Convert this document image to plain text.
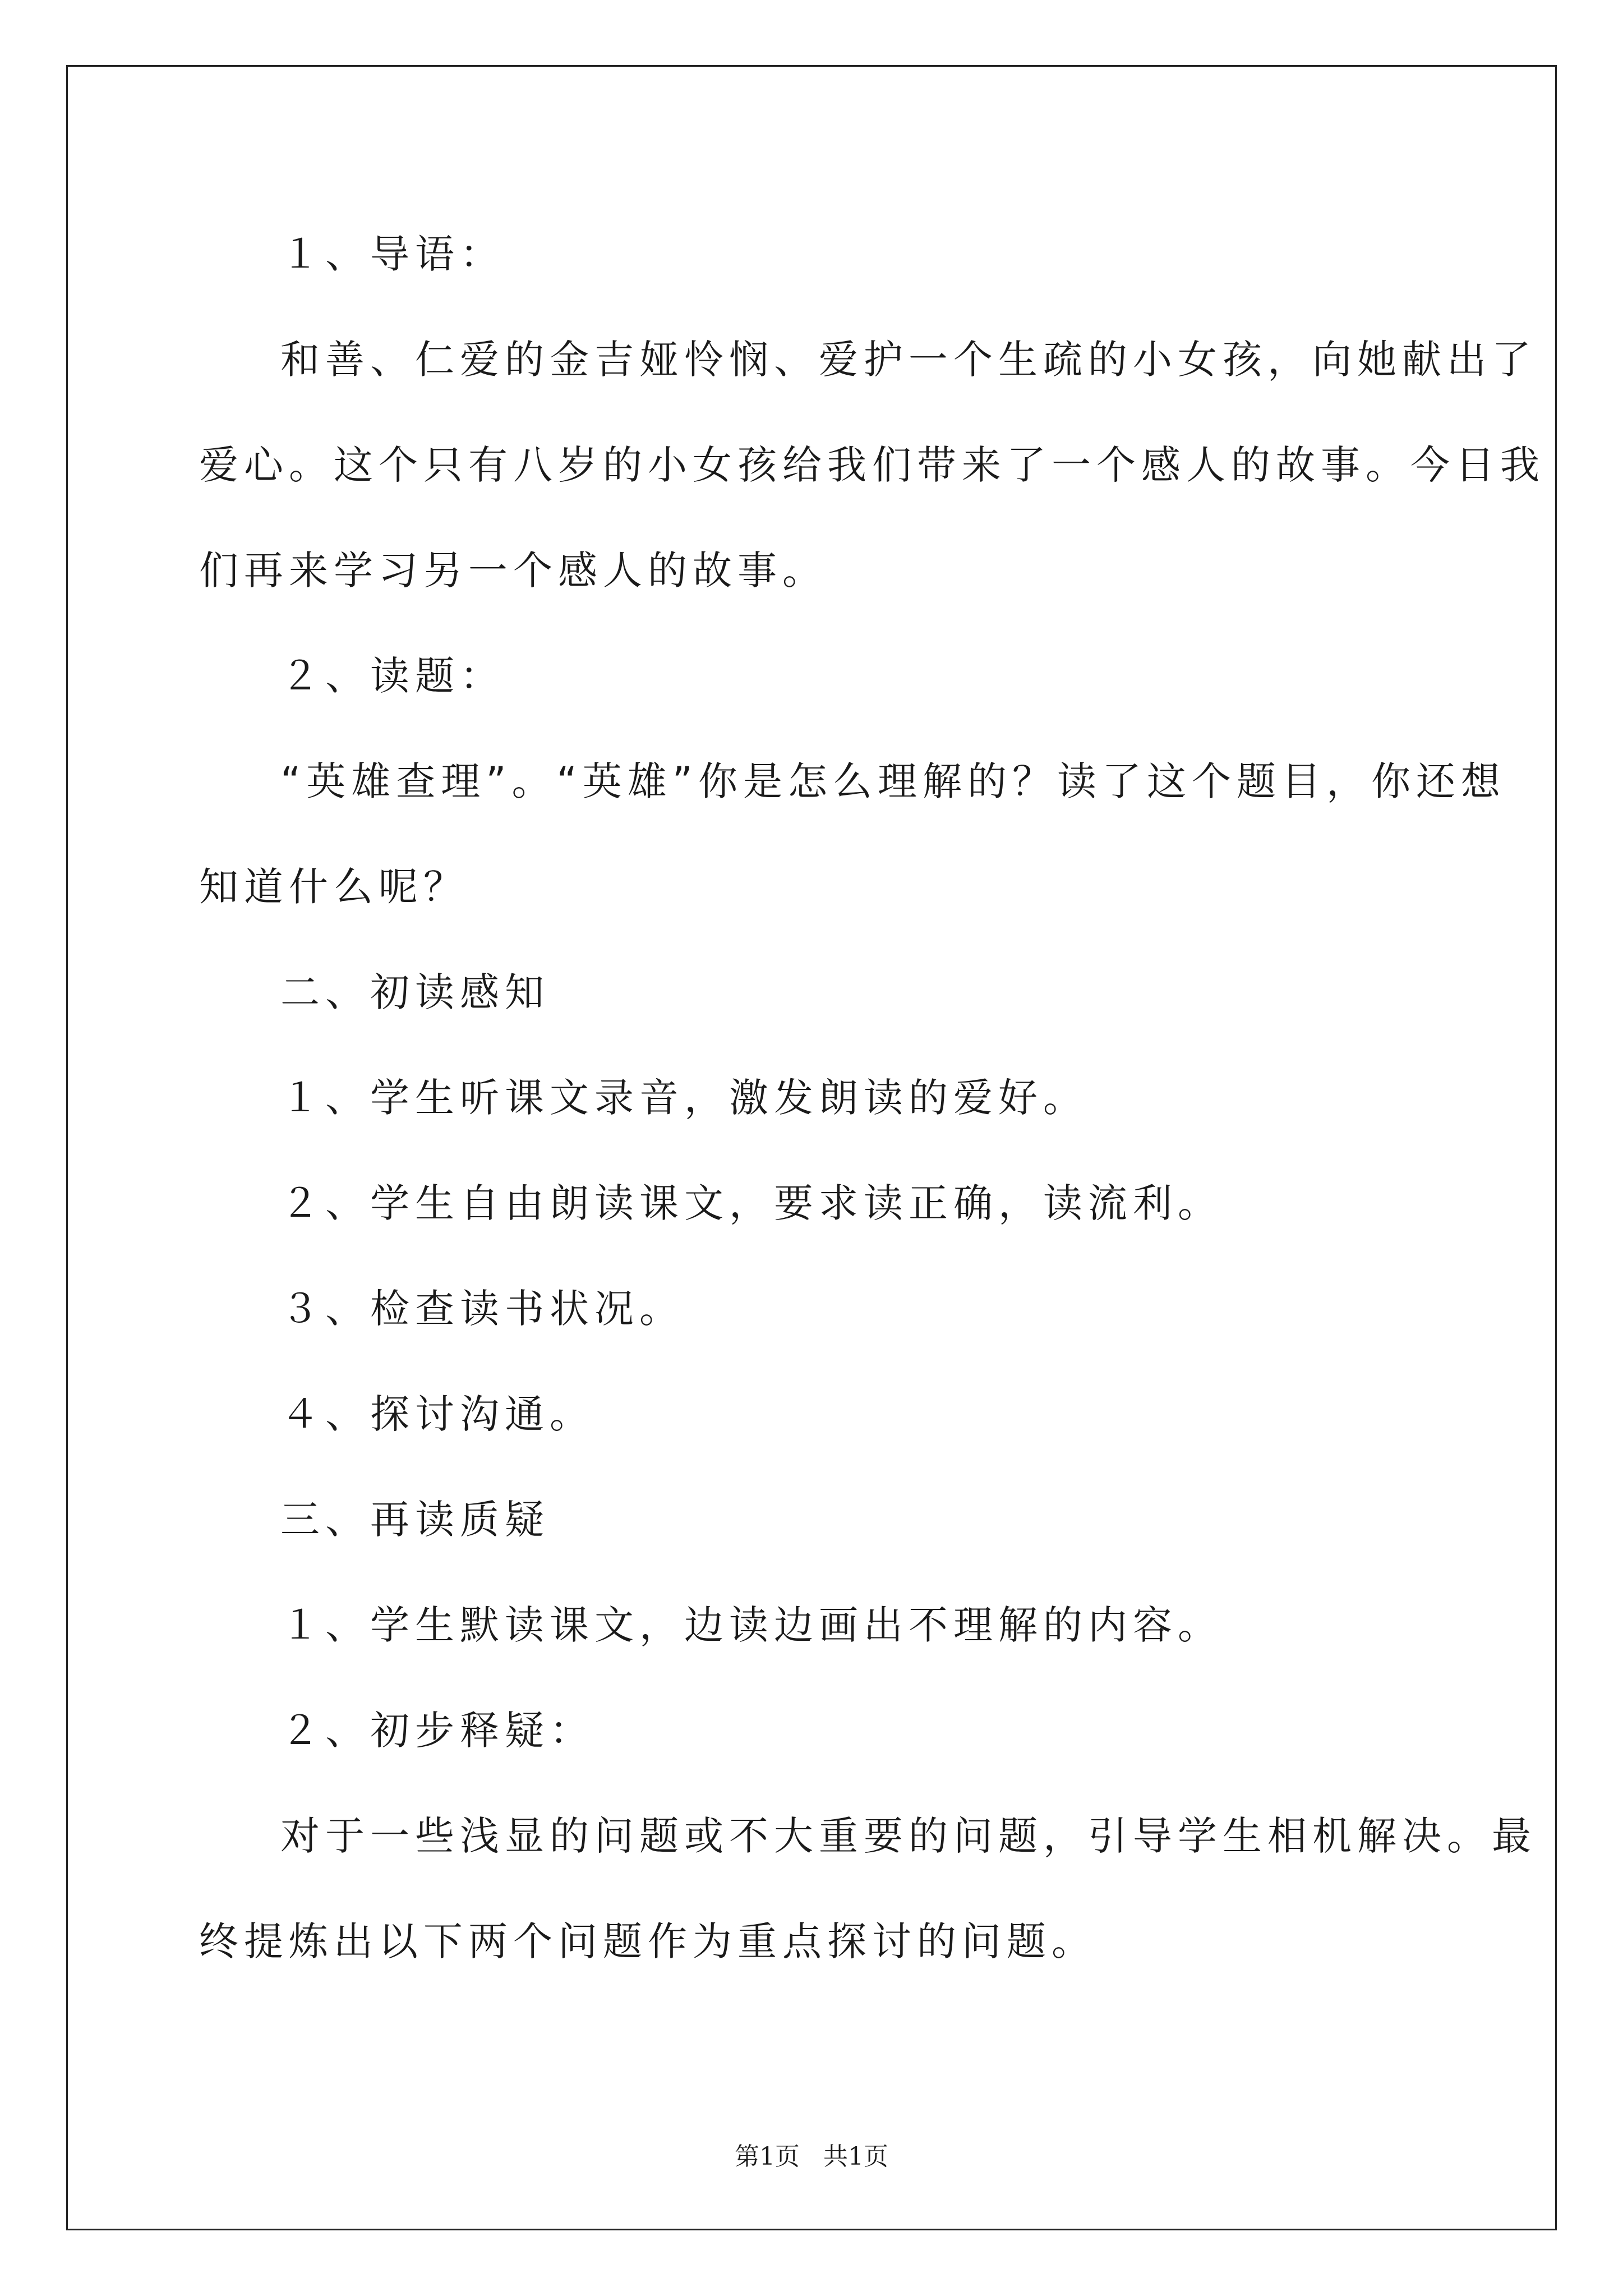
１、导语：
和善、仁爱的金吉娅怜悯、爱护一个生疏的小女孩，向她献出了
爱心。这个只有八岁的小女孩给我们带来了一个感人的故事。今日我
们再来学习另一个感人的故事。
２、读题：
“英雄查理”。“英雄”你是怎么理解的？读了这个题目，你还想
知道什么呢？
二、初读感知
１、学生听课文录音，激发朗读的爱好。
２、学生自由朗读课文，要求读正确，读流利。
３、检查读书状况。
４、探讨沟通。
三、再读质疑
１、学生默读课文，边读边画出不理解的内容。
２、初步释疑：
对于一些浅显的问题或不大重要的问题，引导学生相机解决。最
终提炼出以下两个问题作为重点探讨的问题。
第1页 共1页
